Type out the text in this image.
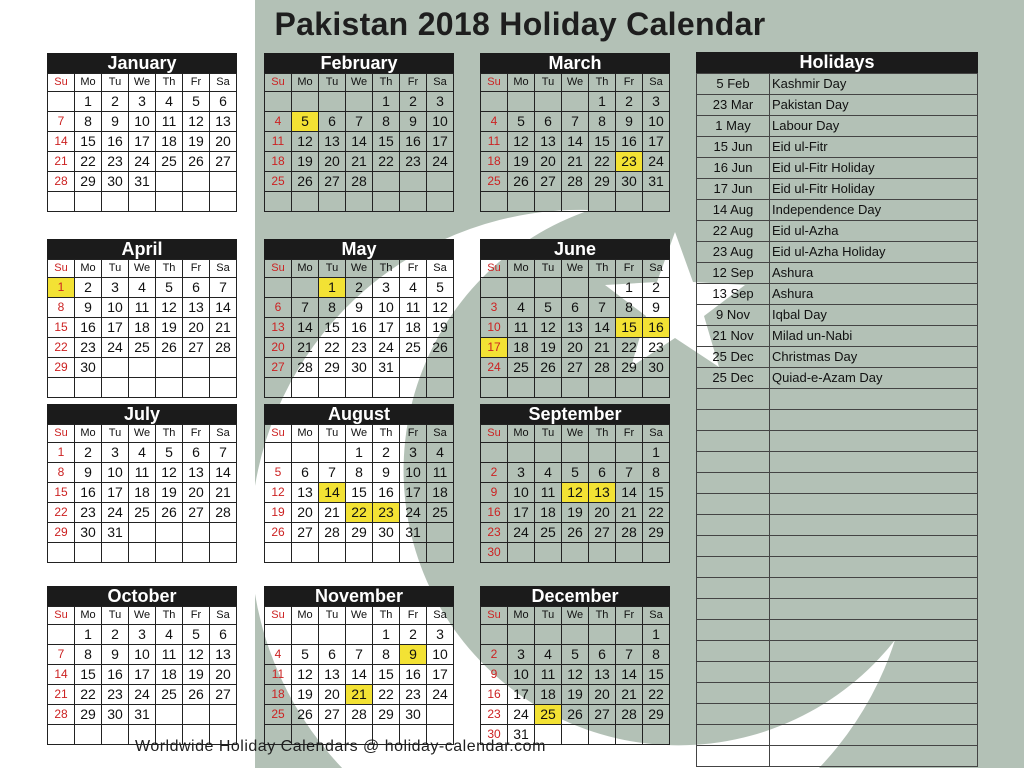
Pakistan 2018 Holiday Calendar
January
Su	Mo	Tu	We	Th	Fr	Sa
	1	2	3	4	5	6
7	8	9	10	11	12	13
14	15	16	17	18	19	20
21	22	23	24	25	26	27
28	29	30	31			

February
Su	Mo	Tu	We	Th	Fr	Sa
				1	2	3
4	5	6	7	8	9	10
11	12	13	14	15	16	17
18	19	20	21	22	23	24
25	26	27	28			

March
Su	Mo	Tu	We	Th	Fr	Sa
				1	2	3
4	5	6	7	8	9	10
11	12	13	14	15	16	17
18	19	20	21	22	23	24
25	26	27	28	29	30	31

April
Su	Mo	Tu	We	Th	Fr	Sa
1	2	3	4	5	6	7
8	9	10	11	12	13	14
15	16	17	18	19	20	21
22	23	24	25	26	27	28
29	30					

May
Su	Mo	Tu	We	Th	Fr	Sa
		1	2	3	4	5
6	7	8	9	10	11	12
13	14	15	16	17	18	19
20	21	22	23	24	25	26
27	28	29	30	31		

June
Su	Mo	Tu	We	Th	Fr	Sa
					1	2
3	4	5	6	7	8	9
10	11	12	13	14	15	16
17	18	19	20	21	22	23
24	25	26	27	28	29	30

July
Su	Mo	Tu	We	Th	Fr	Sa
1	2	3	4	5	6	7
8	9	10	11	12	13	14
15	16	17	18	19	20	21
22	23	24	25	26	27	28
29	30	31				

August
Su	Mo	Tu	We	Th	Fr	Sa
			1	2	3	4
5	6	7	8	9	10	11
12	13	14	15	16	17	18
19	20	21	22	23	24	25
26	27	28	29	30	31	

September
Su	Mo	Tu	We	Th	Fr	Sa
						1
2	3	4	5	6	7	8
9	10	11	12	13	14	15
16	17	18	19	20	21	22
23	24	25	26	27	28	29
30						
October
Su	Mo	Tu	We	Th	Fr	Sa
	1	2	3	4	5	6
7	8	9	10	11	12	13
14	15	16	17	18	19	20
21	22	23	24	25	26	27
28	29	30	31			

November
Su	Mo	Tu	We	Th	Fr	Sa
				1	2	3
4	5	6	7	8	9	10
11	12	13	14	15	16	17
18	19	20	21	22	23	24
25	26	27	28	29	30	

December
Su	Mo	Tu	We	Th	Fr	Sa
						1
2	3	4	5	6	7	8
9	10	11	12	13	14	15
16	17	18	19	20	21	22
23	24	25	26	27	28	29
30	31					
Holidays
5 Feb	Kashmir Day
23 Mar	Pakistan Day
1 May	Labour Day
15 Jun	Eid ul-Fitr
16 Jun	Eid ul-Fitr Holiday
17 Jun	Eid ul-Fitr Holiday
14 Aug	Independence Day
22 Aug	Eid ul-Azha
23 Aug	Eid ul-Azha Holiday
12 Sep	Ashura
13 Sep	Ashura
9 Nov	Iqbal Day
21 Nov	Milad un-Nabi
25 Dec	Christmas Day
25 Dec	Quiad-e-Azam Day

Worldwide Holiday Calendars @ holiday-calendar.com
